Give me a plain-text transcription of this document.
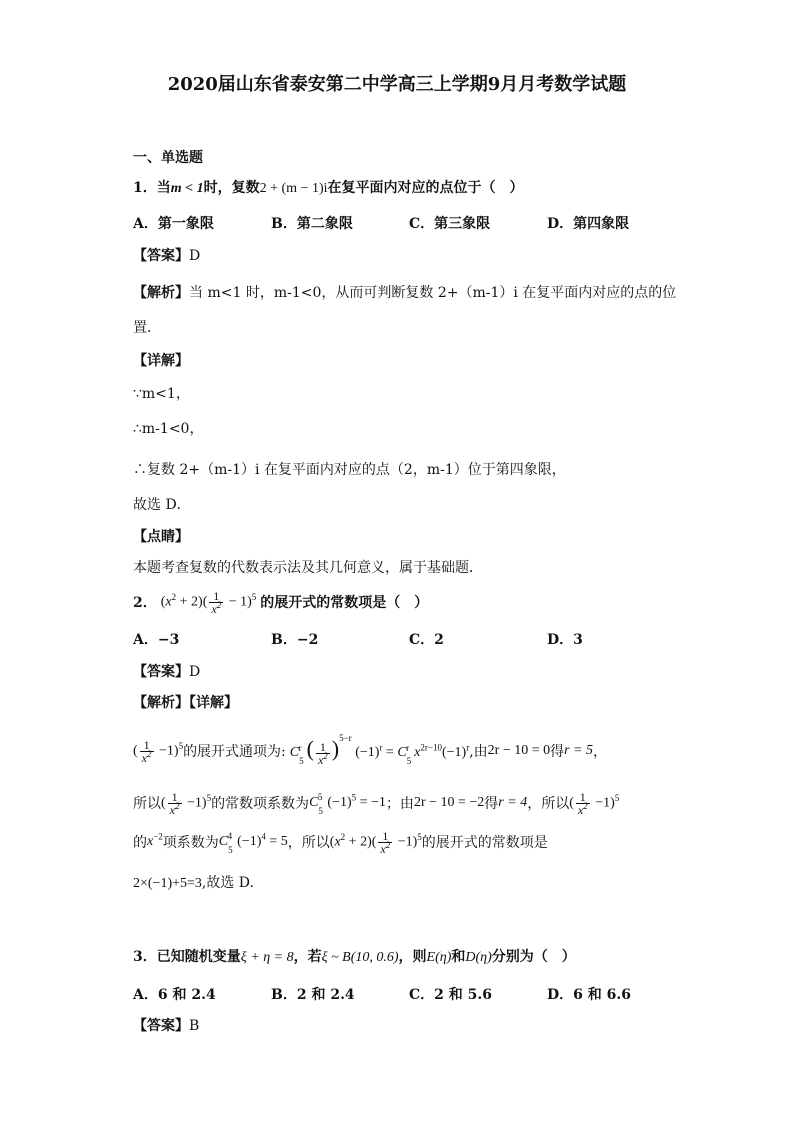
2020届山东省泰安第二中学高三上学期9月月考数学试题
一、单选题
1．当m < 1时，复数2 + (m − 1)i在复平面内对应的点位于（　）
A．第一象限	B．第二象限	C．第三象限	D．第四象限
【答案】D
【解析】当 m<1 时，m-1<0，从而可判断复数 2+（m-1）i 在复平面内对应的点的位
置．
【详解】
∵m<1，
∴m-1<0，
∴复数 2+（m-1）i 在复平面内对应的点（2，m-1）位于第四象限，
故选 D．
【点睛】
本题考查复数的代数表示法及其几何意义，属于基础题．
2． $(x^2 + 2)( \frac{1}{x^2} - 1)^5$ 的展开式的常数项是（　）
A．−3	B．−2	C．2	D．3
【答案】D
【解析】【详解】
( $\frac{1}{x^2} -1)^5$ 的展开式通项为: $C_5^r$ ( $\frac{1}{x^2} )^{5-r}$ $(-1)^r = C_5^r$ $x^{2r-10}(-1)^r$ ,由 2r − 10 = 0 得 r = 5 ，
所以 ( $\frac{1}{x^2} -1)^5$ 的常数项系数为 $C_5^5$ $(-1)^5 = -1$ ；由 2r − 10 = −2 得 r = 4 ，所以 ( $\frac{1}{x^2} -1)^5$
的 $x^{-2}$ 项系数为 $C_5^4$ $(-1)^4 = 5$ ，所以 $(x^2 + 2)( \frac{1}{x^2} -1)^5$ 的展开式的常数项是
2×(−1)+5=3,故选 D.
3．已知随机变量ξ + η = 8，若ξ ~ B(10, 0.6)，则E(η)和D(η)分别为（　）
A．6 和 2.4	B．2 和 2.4	C．2 和 5.6	D．6 和 6.6
【答案】B
